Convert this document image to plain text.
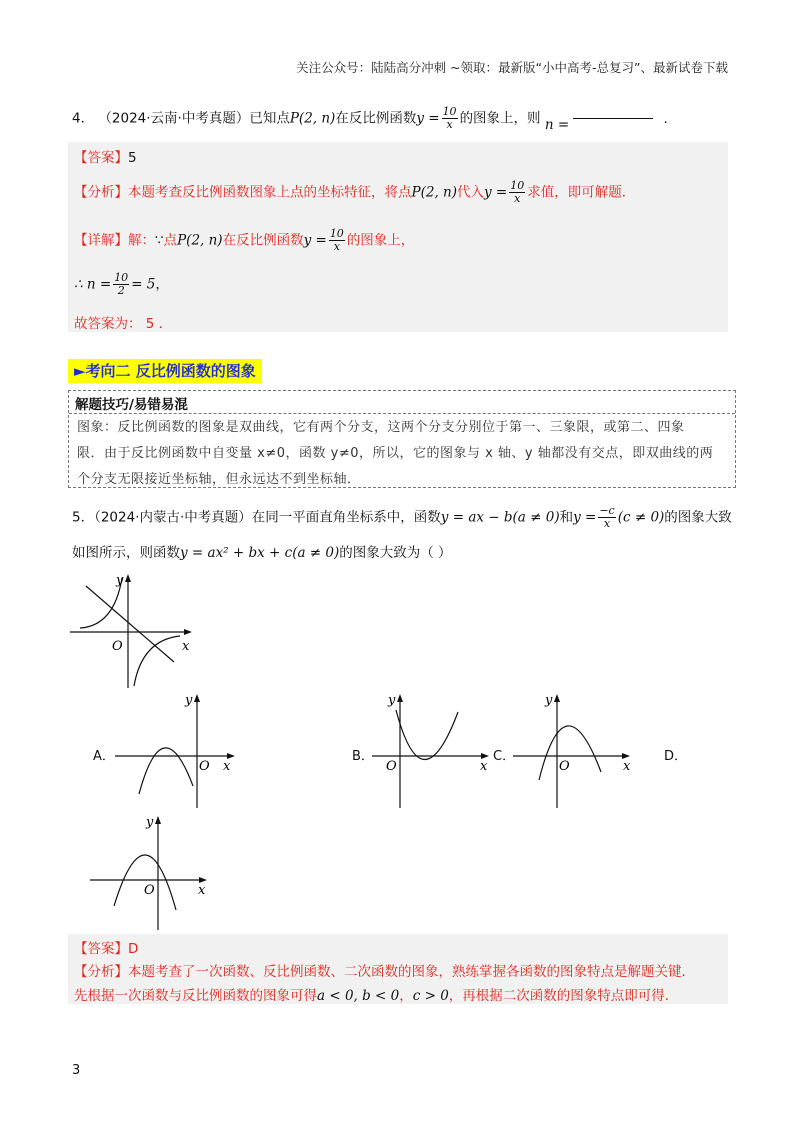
关注公众号：陆陆高分冲刺 ~领取：最新版“小中高考-总复习”、最新试卷下载
4． （2024·云南·中考真题）已知点P(2, n)在反比例函数$y = \frac{10}{x}$ 的图象上，则 n =	.
【答案】5
【分析】本题考查反比例函数图象上点的坐标特征，将点P(2, n)代入$y = \frac{10}{x}$ 求值，即可解题．
【详解】解：∵点P(2, n)在反比例函数$y = \frac{10}{x}$ 的图象上，
∴ $n = \frac{10}{2} = 5$，
故答案为： 5 ．
►考向二 反比例函数的图象
解题技巧/易错易混
图象：反比例函数的图象是双曲线，它有两个分支，这两个分支分别位于第一、三象限，或第二、四象
限．由于反比例函数中自变量 x≠0，函数 y≠0，所以，它的图象与 x 轴、y 轴都没有交点，即双曲线的两
个分支无限接近坐标轴，但永远达不到坐标轴．
5．（2024·内蒙古·中考真题）在同一平面直角坐标系中，函数y = ax − b(a ≠ 0)和$y = \frac{-c}{x} (c \ne 0)$的图象大致
如图所示，则函数y = ax² + bx + c(a ≠ 0)的图象大致为（ ）
y
O	x
A．
y
O x
B．
y
O	x
C．
y
O	x
D．
y
O	x
【答案】D
【分析】本题考查了一次函数、反比例函数、二次函数的图象，熟练掌握各函数的图象特点是解题关键．
先根据一次函数与反比例函数的图象可得a < 0, b < 0，c > 0，再根据二次函数的图象特点即可得．
3
